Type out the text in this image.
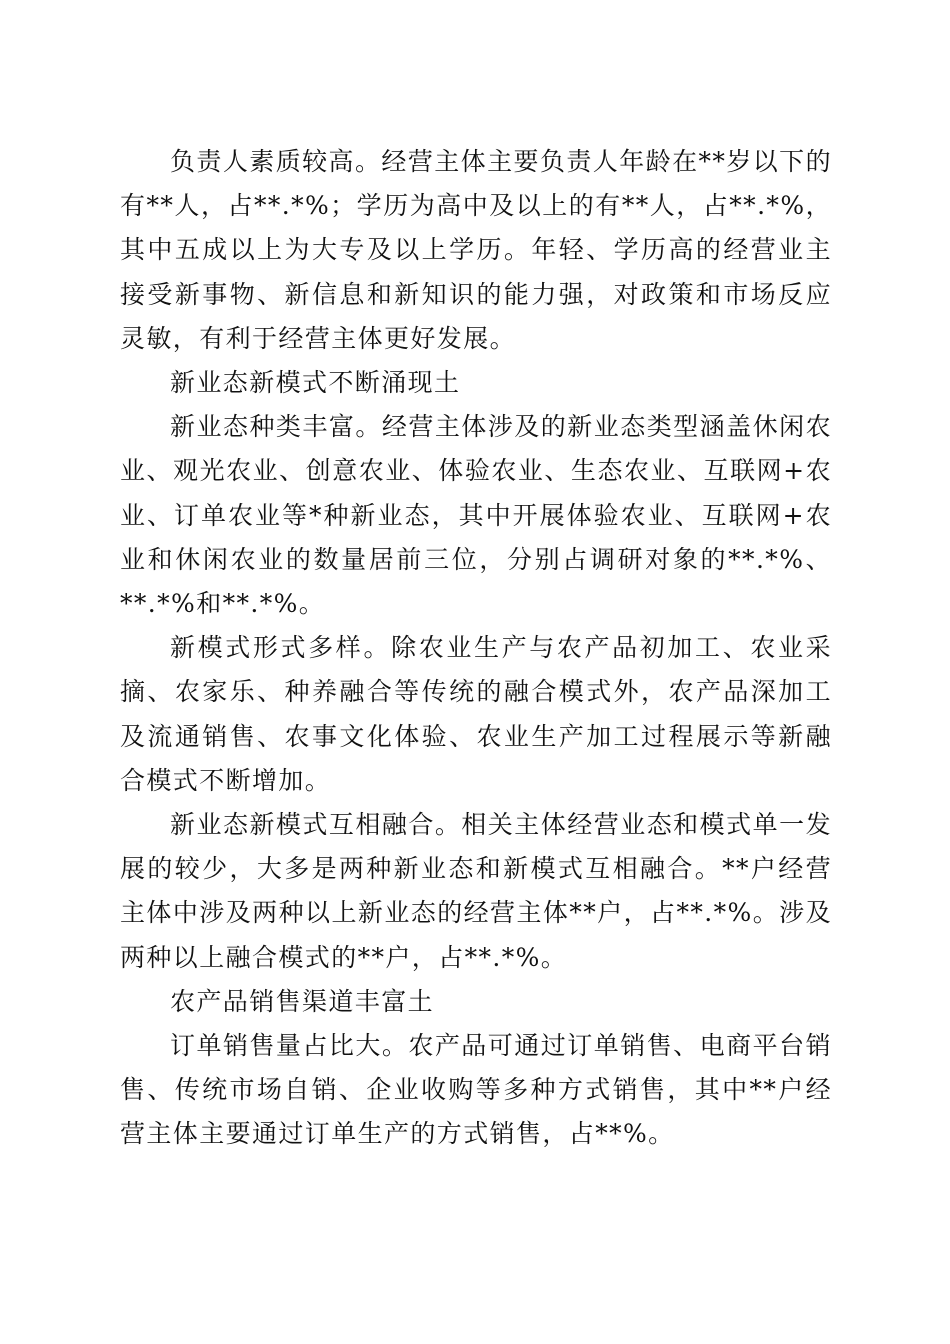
负责人素质较高。经营主体主要负责人年龄在**岁以下的有**人，占**.*%；学历为高中及以上的有**人，占**.*%，其中五成以上为大专及以上学历。年轻、学历高的经营业主接受新事物、新信息和新知识的能力强，对政策和市场反应灵敏，有利于经营主体更好发展。

新业态新模式不断涌现土

新业态种类丰富。经营主体涉及的新业态类型涵盖休闲农业、观光农业、创意农业、体验农业、生态农业、互联网+农业、订单农业等*种新业态，其中开展体验农业、互联网+农业和休闲农业的数量居前三位，分别占调研对象的**.*%、**.*%和**.*%。

新模式形式多样。除农业生产与农产品初加工、农业采摘、农家乐、种养融合等传统的融合模式外，农产品深加工及流通销售、农事文化体验、农业生产加工过程展示等新融合模式不断增加。

新业态新模式互相融合。相关主体经营业态和模式单一发展的较少，大多是两种新业态和新模式互相融合。**户经营主体中涉及两种以上新业态的经营主体**户，占**.*%。涉及两种以上融合模式的**户，占**.*%。

农产品销售渠道丰富土

订单销售量占比大。农产品可通过订单销售、电商平台销售、传统市场自销、企业收购等多种方式销售，其中**户经营主体主要通过订单生产的方式销售，占**%。
